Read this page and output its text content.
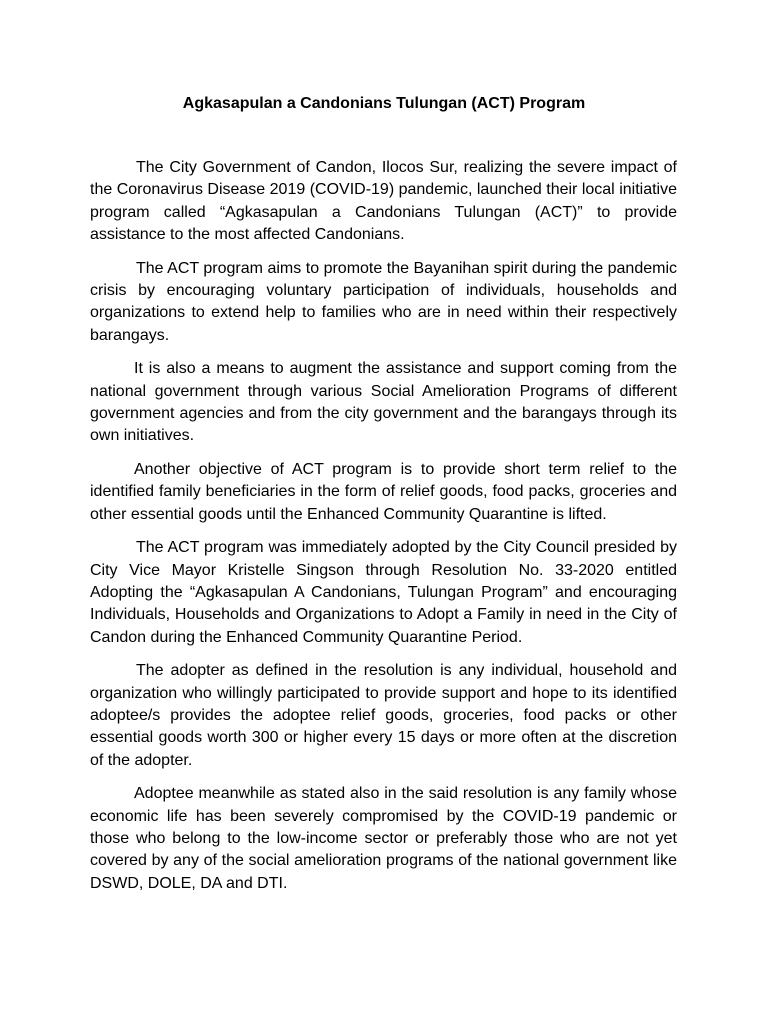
Agkasapulan a Candonians Tulungan (ACT) Program

The City Government of Candon, Ilocos Sur, realizing the severe impact of the Coronavirus Disease 2019 (COVID-19) pandemic, launched their local initiative program called “Agkasapulan a Candonians Tulungan (ACT)” to provide assistance to the most affected Candonians.

The ACT program aims to promote the Bayanihan spirit during the pandemic crisis by encouraging voluntary participation of individuals, households and organizations to extend help to families who are in need within their respectively barangays.

It is also a means to augment the assistance and support coming from the national government through various Social Amelioration Programs of different government agencies and from the city government and the barangays through its own initiatives.

Another objective of ACT program is to provide short term relief to the identified family beneficiaries in the form of relief goods, food packs, groceries and other essential goods until the Enhanced Community Quarantine is lifted.

The ACT program was immediately adopted by the City Council presided by City Vice Mayor Kristelle Singson through Resolution No. 33-2020 entitled Adopting the “Agkasapulan A Candonians, Tulungan Program” and encouraging Individuals, Households and Organizations to Adopt a Family in need in the City of Candon during the Enhanced Community Quarantine Period.

The adopter as defined in the resolution is any individual, household and organization who willingly participated to provide support and hope to its identified adoptee/s provides the adoptee relief goods, groceries, food packs or other essential goods worth 300 or higher every 15 days or more often at the discretion of the adopter.

Adoptee meanwhile as stated also in the said resolution is any family whose economic life has been severely compromised by the COVID-19 pandemic or those who belong to the low-income sector or preferably those who are not yet covered by any of the social amelioration programs of the national government like DSWD, DOLE, DA and DTI.
